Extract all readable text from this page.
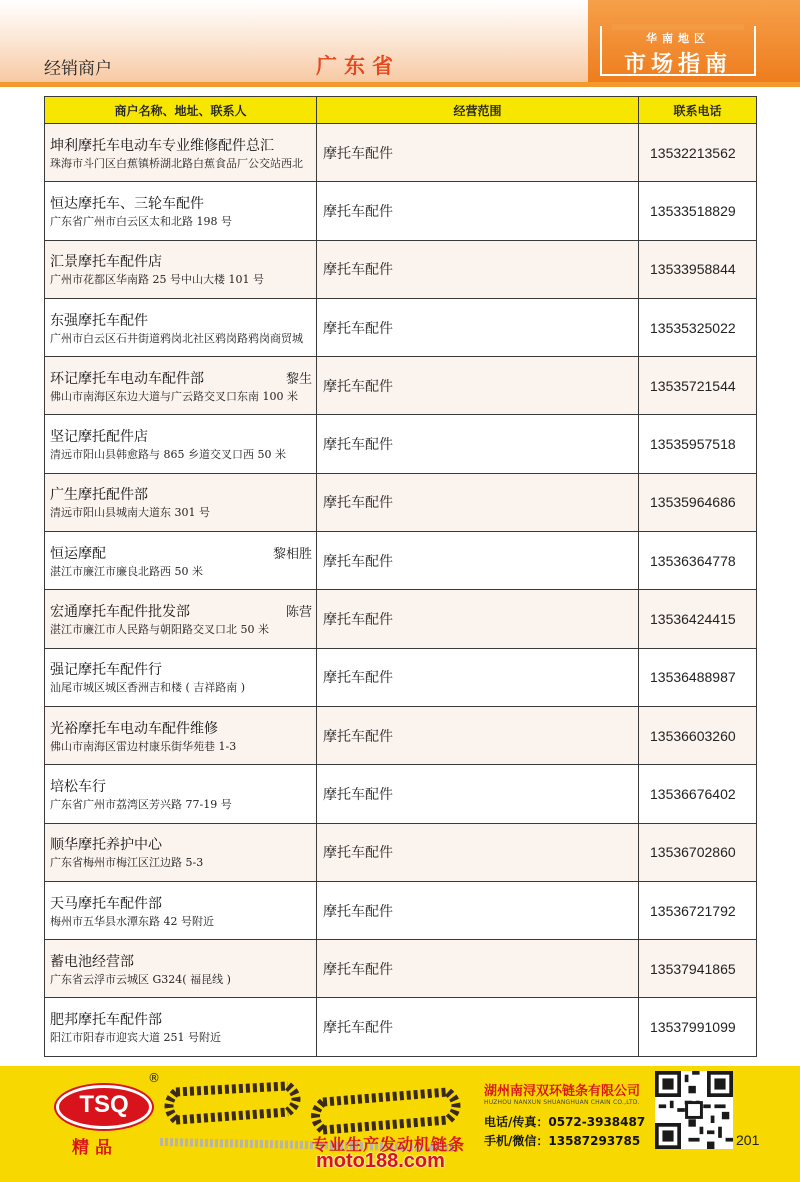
经销商户	广东省
华南地区
市场指南
商户名称、地址、联系人	经营范围	联系电话

坤利摩托车电动车专业维修配件总汇
珠海市斗门区白蕉镇桥湖北路白蕉食品厂公交站西北	摩托车配件	13532213562

恒达摩托车、三轮车配件
广东省广州市白云区太和北路 198 号	摩托车配件	13533518829

汇景摩托车配件店
广州市花都区华南路 25 号中山大楼 101 号	摩托车配件	13533958844

东强摩托车配件
广州市白云区石井街道鸦岗北社区鸦岗路鸦岗商贸城	摩托车配件	13535325022

环记摩托车电动车配件部 黎生
佛山市南海区东边大道与广云路交叉口东南 100 米	摩托车配件	13535721544

坚记摩托配件店
清远市阳山县韩愈路与 865 乡道交叉口西 50 米	摩托车配件	13535957518

广生摩托配件部
清远市阳山县城南大道东 301 号	摩托车配件	13535964686

恒运摩配 黎相胜
湛江市廉江市廉良北路西 50 米	摩托车配件	13536364778

宏通摩托车配件批发部 陈营
湛江市廉江市人民路与朝阳路交叉口北 50 米	摩托车配件	13536424415

强记摩托车配件行
汕尾市城区城区香洲吉和楼 ( 吉祥路南 )	摩托车配件	13536488987

光裕摩托车电动车配件维修
佛山市南海区雷边村康乐街华苑巷 1-3	摩托车配件	13536603260

培松车行
广东省广州市荔湾区芳兴路 77-19 号	摩托车配件	13536676402

顺华摩托养护中心
广东省梅州市梅江区江边路 5-3	摩托车配件	13536702860

天马摩托车配件部
梅州市五华县水潭东路 42 号附近	摩托车配件	13536721792

蓄电池经营部
广东省云浮市云城区 G324( 福昆线 )	摩托车配件	13537941865

肥邦摩托车配件部
阳江市阳春市迎宾大道 251 号附近	摩托车配件	13537991099
TSQ
®
精品	专业生产发动机链条
湖州南浔双环链条有限公司
HUZHOU NANXUN SHUANGHUAN CHAIN CO.,LTD.
电话/传真：0572-3938487
手机/微信：13587293785	201
moto188.com
